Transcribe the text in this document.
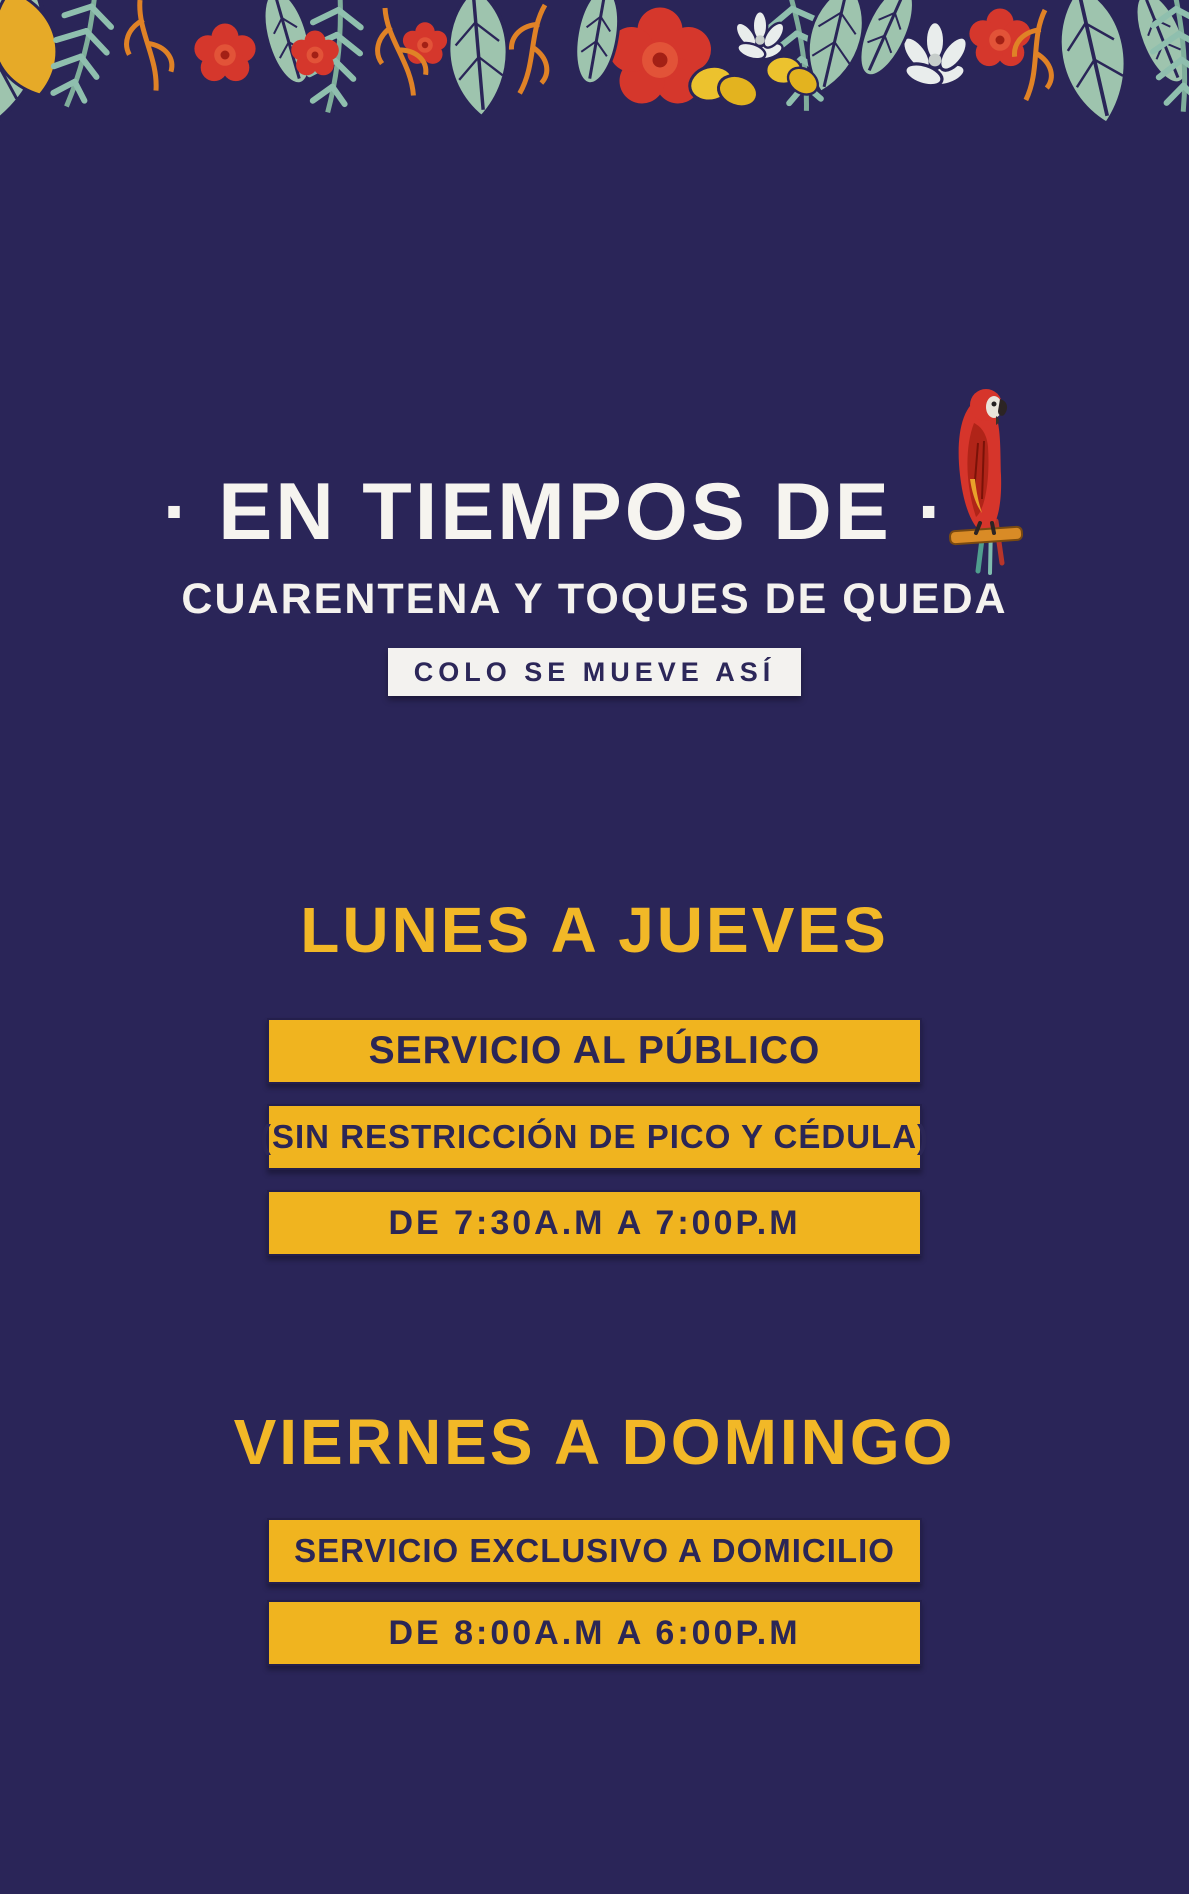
· EN TIEMPOS DE ·
CUARENTENA Y TOQUES DE QUEDA
COLO SE MUEVE ASÍ
LUNES A JUEVES
SERVICIO AL PÚBLICO
(SIN RESTRICCIÓN DE PICO Y CÉDULA)
DE 7:30A.M A 7:00P.M
VIERNES A DOMINGO
SERVICIO EXCLUSIVO A DOMICILIO
DE 8:00A.M A 6:00P.M
